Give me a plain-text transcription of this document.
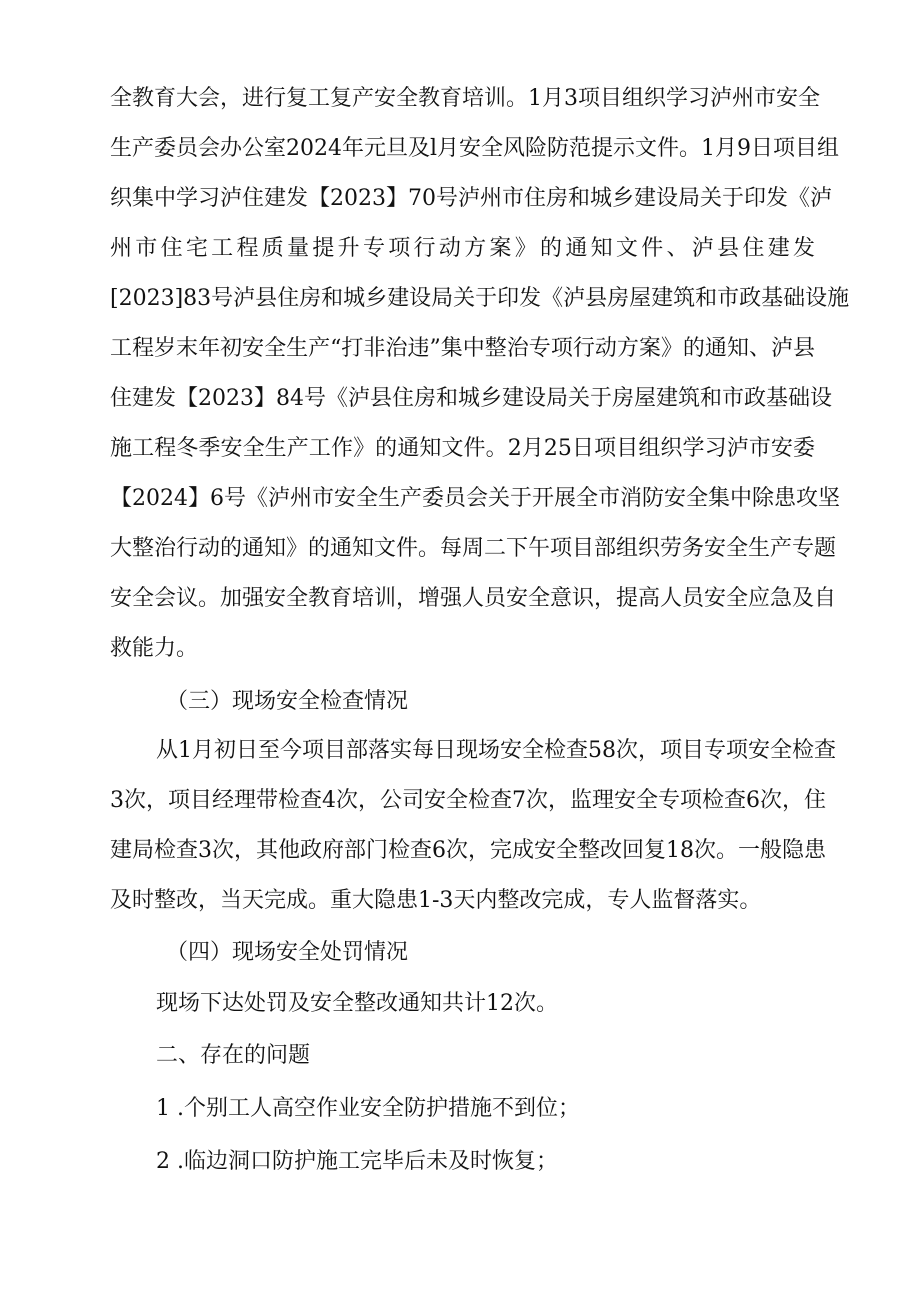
全教育大会，进行复工复产安全教育培训。1月3项目组织学习泸州市安全
生产委员会办公室2024年元旦及l月安全风险防范提示文件。1月9日项目组
织集中学习泸住建发【2023】70号泸州市住房和城乡建设局关于印发《泸
州市住宅工程质量提升专项行动方案》的通知文件、泸县住建发
[2023]83号泸县住房和城乡建设局关于印发《泸县房屋建筑和市政基础设施
工程岁末年初安全生产“打非治违”集中整治专项行动方案》的通知、泸县
住建发【2023】84号《泸县住房和城乡建设局关于房屋建筑和市政基础设
施工程冬季安全生产工作》的通知文件。2月25日项目组织学习泸市安委
【2024】6号《泸州市安全生产委员会关于开展全市消防安全集中除患攻坚
大整治行动的通知》的通知文件。每周二下午项目部组织劳务安全生产专题
安全会议。加强安全教育培训，增强人员安全意识，提高人员安全应急及自
救能力。
（三）现场安全检查情况
从1月初日至今项目部落实每日现场安全检查58次，项目专项安全检查
3次，项目经理带检查4次，公司安全检查7次，监理安全专项检查6次，住
建局检查3次，其他政府部门检查6次，完成安全整改回复18次。一般隐患
及时整改，当天完成。重大隐患1-3天内整改完成，专人监督落实。
（四）现场安全处罚情况
现场下达处罚及安全整改通知共计12次。
二、存在的问题
1 .个别工人高空作业安全防护措施不到位；
2 .临边洞口防护施工完毕后未及时恢复；
